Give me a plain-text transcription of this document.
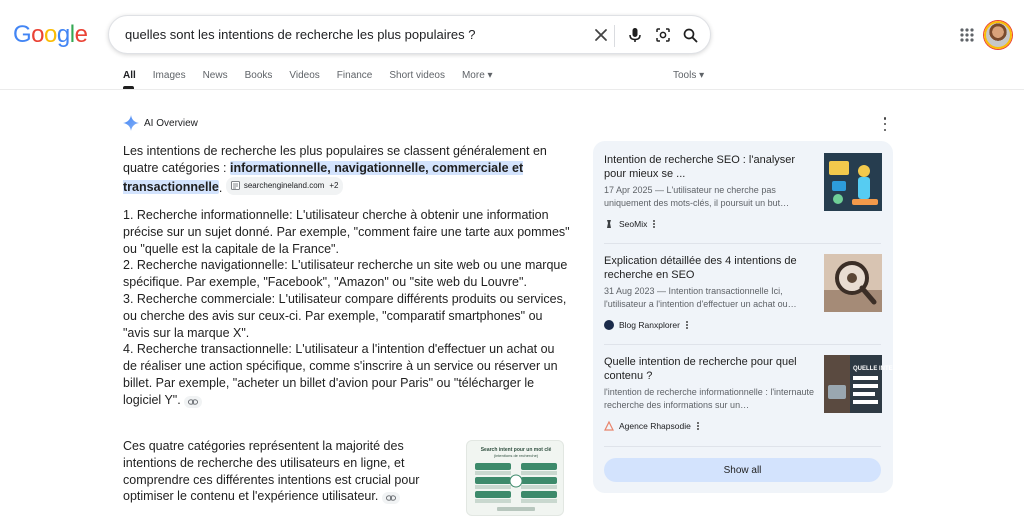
Google	quelles sont les intentions de recherche les plus populaires ?
All Images News Books Videos Finance Short videos More ▾	Tools ▾
AI Overview
Les intentions de recherche les plus populaires se classent généralement en quatre catégories : informationnelle, navigationnelle, commerciale et transactionnelle.	searchengineland.com +2
1. Recherche informationnelle: L'utilisateur cherche à obtenir une information précise sur un sujet donné. Par exemple, "comment faire une tarte aux pommes" ou "quelle est la capitale de la France".
2. Recherche navigationnelle: L'utilisateur recherche un site web ou une marque spécifique. Par exemple, "Facebook", "Amazon" ou "site web du Louvre".
3. Recherche commerciale: L'utilisateur compare différents produits ou services, ou cherche des avis sur ceux-ci. Par exemple, "comparatif smartphones" ou "avis sur la marque X".
4. Recherche transactionnelle: L'utilisateur a l'intention d'effectuer un achat ou de réaliser une action spécifique, comme s'inscrire à un service ou réserver un billet. Par exemple, "acheter un billet d'avion pour Paris" ou "télécharger le logiciel Y".
Ces quatre catégories représentent la majorité des intentions de recherche des utilisateurs en ligne, et comprendre ces différentes intentions est crucial pour optimiser le contenu et l'expérience utilisateur.
Search intent pour un mot clé
(intentions de recherche)
Intention de recherche SEO : l'analyser pour mieux se ...
17 Apr 2025 — L'utilisateur ne cherche pas uniquement des mots-clés, il poursuit un but…
SeoMix
Explication détaillée des 4 intentions de recherche en SEO
31 Aug 2023 — Intention transactionnelle Ici, l'utilisateur a l'intention d'effectuer un achat ou…
Blog Ranxplorer
Quelle intention de recherche pour quel contenu ?
l'intention de recherche informationnelle : l'internaute recherche des informations sur un…
Agence Rhapsodie
QUELLE INTENTION RECHERCHE POUR QUEL CONTENU
Show all
